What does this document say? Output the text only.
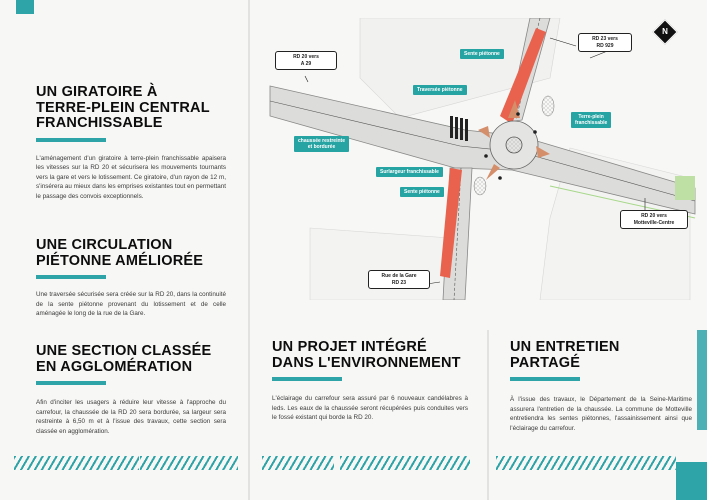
UN GIRATOIRE À
TERRE-PLEIN CENTRAL
FRANCHISSABLE

L'aménagement d'un giratoire à terre-plein franchissable apaisera les vitesses sur la RD 20 et sécurisera les mouvements tournants vers la gare et vers le lotissement. Ce giratoire, d'un rayon de 12 m, s'insérera au mieux dans les emprises existantes tout en permettant le passage des convois exceptionnels.

UNE CIRCULATION
PIÉTONNE AMÉLIORÉE

Une traversée sécurisée sera créée sur la RD 20, dans la continuité de la sente piétonne provenant du lotissement et de celle aménagée le long de la rue de la Gare.

UNE SECTION CLASSÉE
EN AGGLOMÉRATION

Afin d'inciter les usagers à réduire leur vitesse à l'approche du carrefour, la chaussée de la RD 20 sera bordurée, sa largeur sera restreinte à 6,50 m et à l'issue des travaux, cette section sera classée en agglomération.

UN PROJET INTÉGRÉ
DANS L'ENVIRONNEMENT

L'éclairage du carrefour sera assuré par 6 nouveaux candélabres à leds. Les eaux de la chaussée seront récupérées puis conduites vers le fossé existant qui borde la RD 20.

UN ENTRETIEN PARTAGÉ

À l'issue des travaux, le Département de la Seine-Maritime assurera l'entretien de la chaussée. La commune de Motteville entretiendra les sentes piétonnes, l'assainissement ainsi que l'éclairage du carrefour.

RD 20 vers
A 29
RD 23 vers
RD 929
RD 20 vers
Motteville-Centre
Rue de la Gare
RD 23
Sente piétonne
Traversée piétonne
Terre-plein
franchissable
chaussée restreinte
et bordurée
Surlargeur franchissable
Sente piétonne
N
